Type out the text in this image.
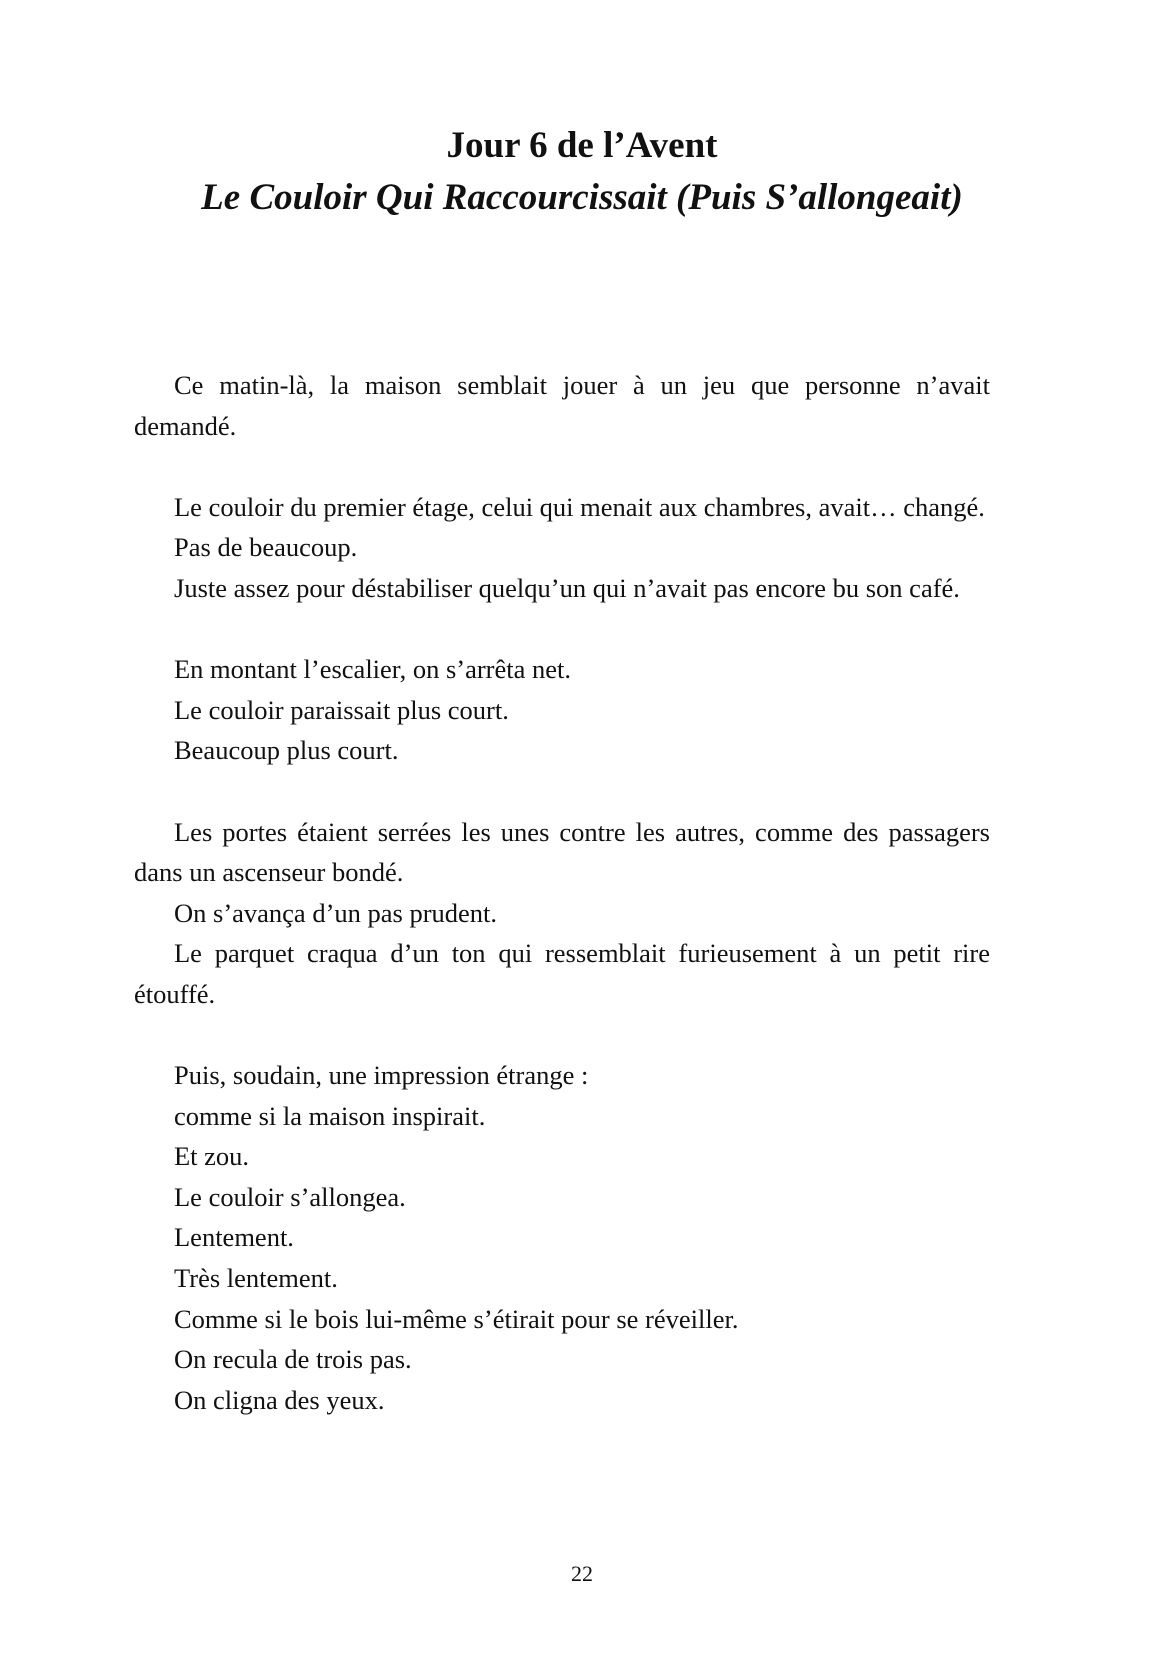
Jour 6 de l’Avent
Le Couloir Qui Raccourcissait (Puis S’allongeait)

Ce matin-là, la maison semblait jouer à un jeu que personne n’avait demandé.

Le couloir du premier étage, celui qui menait aux chambres, avait… changé.

Pas de beaucoup.

Juste assez pour déstabiliser quelqu’un qui n’avait pas encore bu son café.

En montant l’escalier, on s’arrêta net.

Le couloir paraissait plus court.

Beaucoup plus court.

Les portes étaient serrées les unes contre les autres, comme des passagers dans un ascenseur bondé.

On s’avança d’un pas prudent.

Le parquet craqua d’un ton qui ressemblait furieusement à un petit rire étouffé.

Puis, soudain, une impression étrange :

comme si la maison inspirait.

Et zou.

Le couloir s’allongea.

Lentement.

Très lentement.

Comme si le bois lui-même s’étirait pour se réveiller.

On recula de trois pas.

On cligna des yeux.

22
